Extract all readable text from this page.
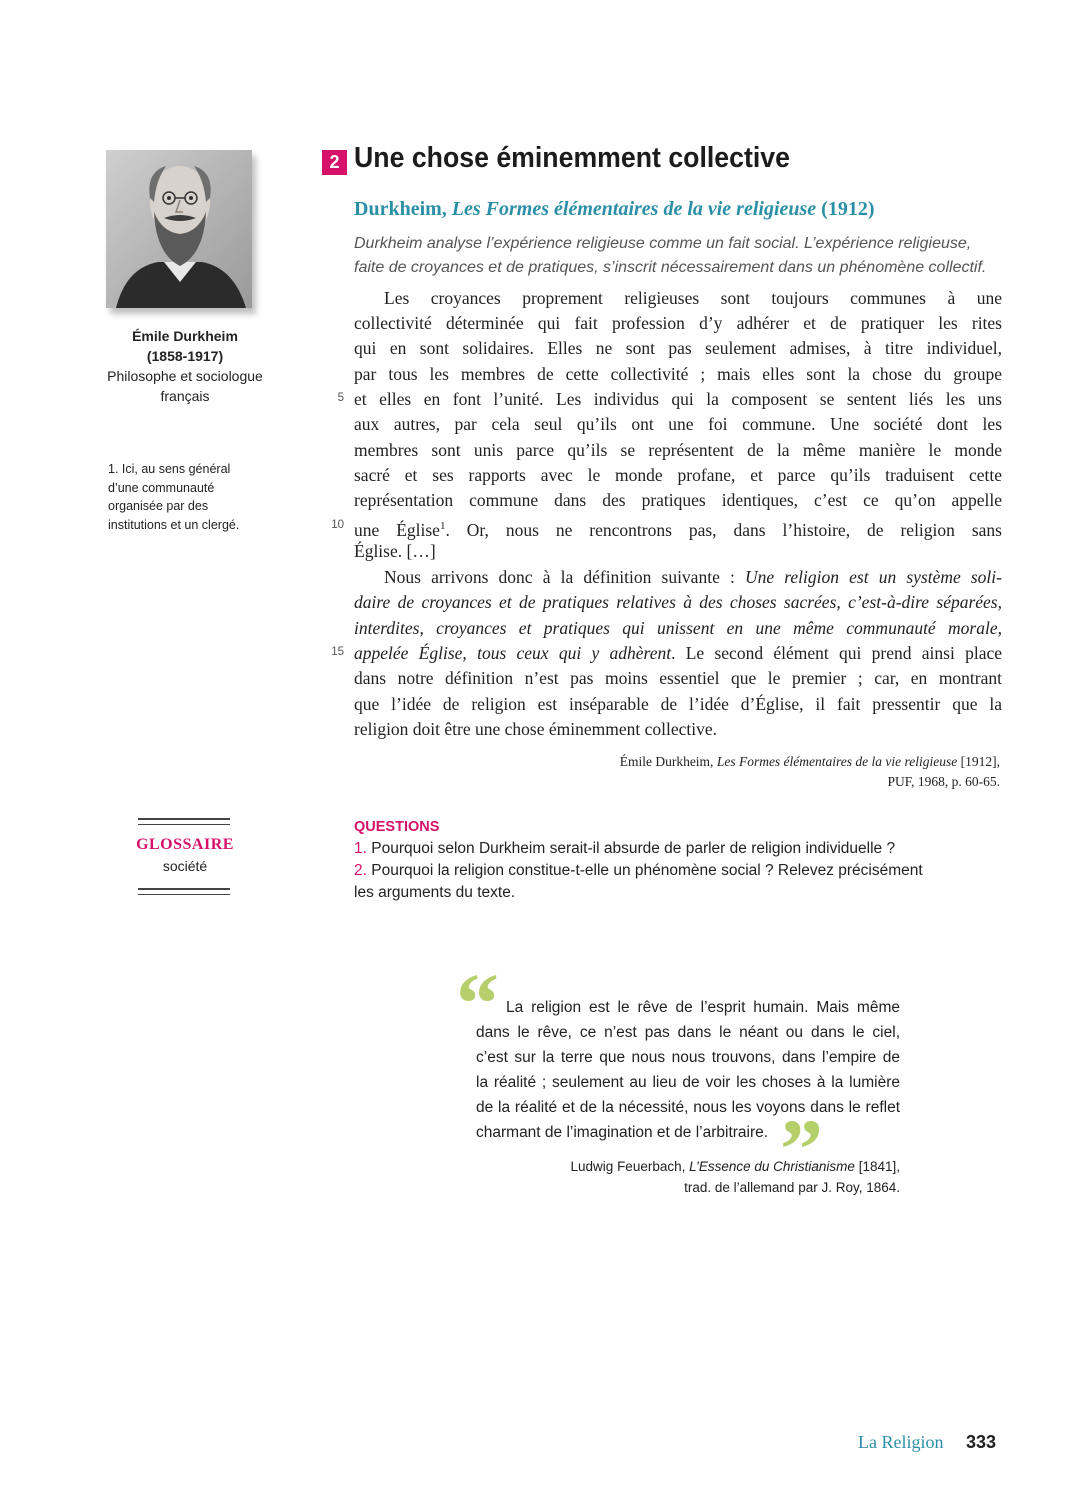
Émile Durkheim
(1858-1917)
Philosophe et sociologue
français
1. Ici, au sens général
d’une communauté
organisée par des
institutions et un clergé.
2 Une chose éminemment collective
Durkheim, Les Formes élémentaires de la vie religieuse (1912)
Durkheim analyse l’expérience religieuse comme un fait social. L’expérience religieuse,
faite de croyances et de pratiques, s’inscrit nécessairement dans un phénomène collectif.
Les croyances proprement religieuses sont toujours communes à une
collectivité déterminée qui fait profession d’y adhérer et de pratiquer les rites
qui en sont solidaires. Elles ne sont pas seulement admises, à titre individuel,
par tous les membres de cette collectivité ; mais elles sont la chose du groupe
et elles en font l’unité. Les individus qui la composent se sentent liés les uns
aux autres, par cela seul qu’ils ont une foi commune. Une société dont les
membres sont unis parce qu’ils se représentent de la même manière le monde
sacré et ses rapports avec le monde profane, et parce qu’ils traduisent cette
représentation commune dans des pratiques identiques, c’est ce qu’on appelle
une Église$^1$. Or, nous ne rencontrons pas, dans l’histoire, de religion sans
Église. […]
Nous arrivons donc à la définition suivante : Une religion est un système soli-
daire de croyances et de pratiques relatives à des choses sacrées, c’est-à-dire séparées,
interdites, croyances et pratiques qui unissent en une même communauté morale,
appelée Église, tous ceux qui y adhèrent. Le second élément qui prend ainsi place
dans notre définition n’est pas moins essentiel que le premier ; car, en montrant
que l’idée de religion est inséparable de l’idée d’Église, il fait pressentir que la
religion doit être une chose éminemment collective.
5
10
15
Émile Durkheim, Les Formes élémentaires de la vie religieuse [1912],
PUF, 1968, p. 60-65.
QUESTIONS
1. Pourquoi selon Durkheim serait-il absurde de parler de religion individuelle ?
2. Pourquoi la religion constitue-t-elle un phénomène social ? Relevez précisément
les arguments du texte.
GLOSSAIRE
société
“ La religion est le rêve de l’esprit humain. Mais même
dans le rêve, ce n’est pas dans le néant ou dans le ciel,
c’est sur la terre que nous nous trouvons, dans l’empire de
la réalité ; seulement au lieu de voir les choses à la lumière
de la réalité et de la nécessité, nous les voyons dans le reflet
charmant de l’imagination et de l’arbitraire. ”
Ludwig Feuerbach, L’Essence du Christianisme [1841],
trad. de l’allemand par J. Roy, 1864.
La Religion 333
